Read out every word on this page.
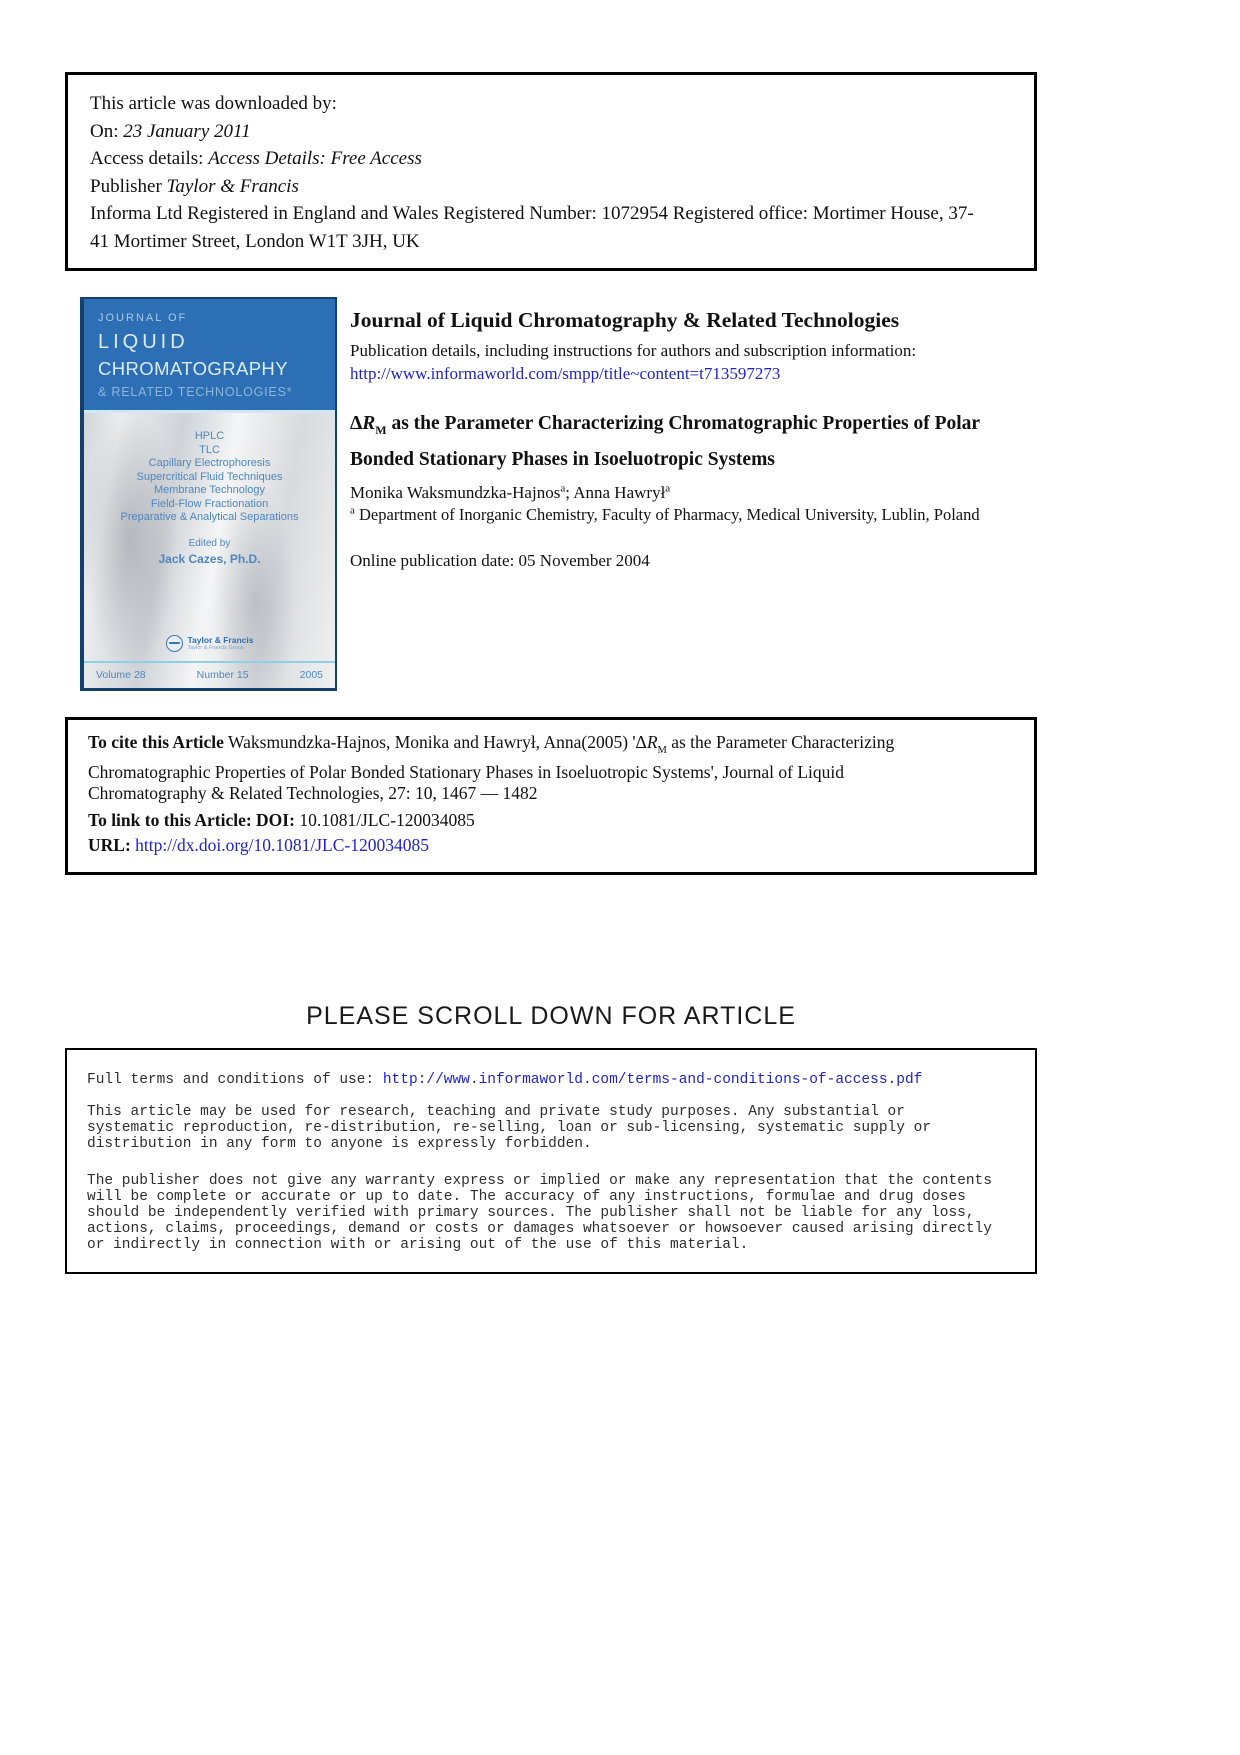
This article was downloaded by:
On: 23 January 2011
Access details: Access Details: Free Access
Publisher Taylor & Francis
Informa Ltd Registered in England and Wales Registered Number: 1072954 Registered office: Mortimer House, 37-
41 Mortimer Street, London W1T 3JH, UK
JOURNAL OF
LIQUID
CHROMATOGRAPHY
& RELATED TECHNOLOGIES*
HPLC
TLC
Capillary Electrophoresis
Supercritical Fluid Techniques
Membrane Technology
Field-Flow Fractionation
Preparative & Analytical Separations
Edited by
Jack Cazes, Ph.D.
Taylor & Francis
Taylor & Francis Group
Volume 28	Number 15	2005
Journal of Liquid Chromatography & Related Technologies
Publication details, including instructions for authors and subscription information:
http://www.informaworld.com/smpp/title~content=t713597273
$\Delta R_M$ as the Parameter Characterizing Chromatographic Properties of Polar
Bonded Stationary Phases in Isoeluotropic Systems
Monika Waksmundzka-Hajnos$^a$; Anna Hawrył$^a$
$^a$ Department of Inorganic Chemistry, Faculty of Pharmacy, Medical University, Lublin, Poland
Online publication date: 05 November 2004
To cite this Article Waksmundzka-Hajnos, Monika and Hawrył, Anna(2005) '$\Delta R_M$ as the Parameter Characterizing
Chromatographic Properties of Polar Bonded Stationary Phases in Isoeluotropic Systems', Journal of Liquid
Chromatography & Related Technologies, 27: 10, 1467 — 1482
To link to this Article: DOI: 10.1081/JLC-120034085
URL: http://dx.doi.org/10.1081/JLC-120034085
PLEASE SCROLL DOWN FOR ARTICLE
Full terms and conditions of use: http://www.informaworld.com/terms-and-conditions-of-access.pdf
This article may be used for research, teaching and private study purposes. Any substantial or
systematic reproduction, re-distribution, re-selling, loan or sub-licensing, systematic supply or
distribution in any form to anyone is expressly forbidden.
The publisher does not give any warranty express or implied or make any representation that the contents
will be complete or accurate or up to date. The accuracy of any instructions, formulae and drug doses
should be independently verified with primary sources. The publisher shall not be liable for any loss,
actions, claims, proceedings, demand or costs or damages whatsoever or howsoever caused arising directly
or indirectly in connection with or arising out of the use of this material.
